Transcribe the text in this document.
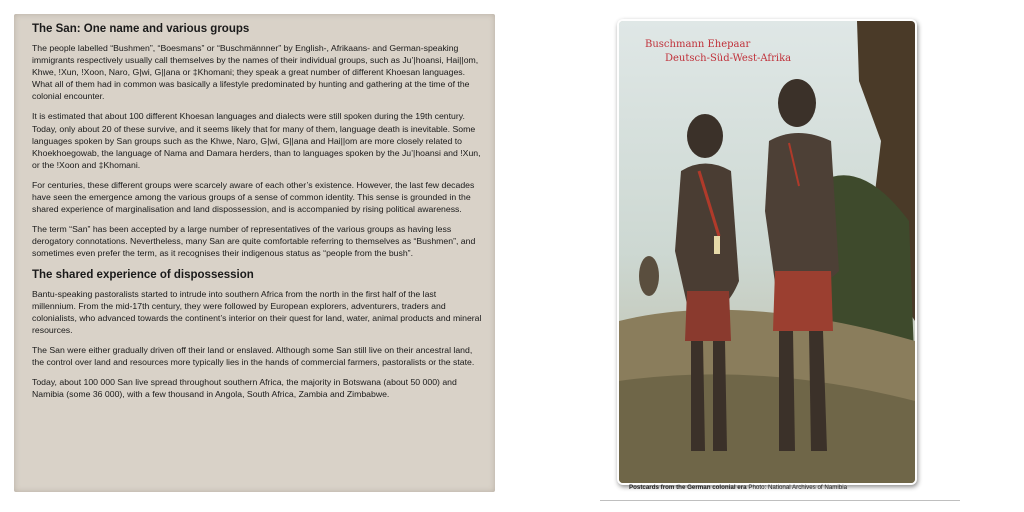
The San: One name and various groups

The people labelled “Bushmen”, “Boesmans” or “Buschmännner” by English-, Afrikaans- and German-speaking immigrants respectively usually call themselves by the names of their individual groups, such as Ju’|hoansi, Hai||om, Khwe, !Xun, !Xoon, Naro, G|wi, G||ana or ‡Khomani; they speak a great number of different Khoesan languages. What all of them had in common was basically a lifestyle predominated by hunting and gathering at the time of the colonial encounter.

It is estimated that about 100 different Khoesan languages and dialects were still spoken during the 19th century. Today, only about 20 of these survive, and it seems likely that for many of them, language death is inevitable. Some languages spoken by San groups such as the Khwe, Naro, G|wi, G||ana and Hai||om are more closely related to Khoekhoegowab, the language of Nama and Damara herders, than to languages spoken by the Ju’|hoansi and !Xun, or the !Xoon and ‡Khomani.

For centuries, these different groups were scarcely aware of each other’s existence. However, the last few decades have seen the emergence among the various groups of a sense of common identity. This sense is grounded in the shared experience of marginalisation and land dispossession, and is accompanied by rising political awareness.

The term “San” has been accepted by a large number of representatives of the various groups as having less derogatory connotations. Nevertheless, many San are quite comfortable referring to themselves as “Bushmen”, and sometimes even prefer the term, as it recognises their indigenous status as “people from the bush”.

The shared experience of dispossession

Bantu-speaking pastoralists started to intrude into southern Africa from the north in the first half of the last millennium. From the mid-17th century, they were followed by European explorers, adventurers, traders and colonialists, who advanced towards the continent’s interior on their quest for land, water, animal products and mineral resources.

The San were either gradually driven off their land or enslaved. Although some San still live on their ancestral land, the control over land and resources more typically lies in the hands of commercial farmers, pastoralists or the state.

Today, about 100 000 San live spread throughout southern Africa, the majority in Botswana (about 50 000) and Namibia (some 36 000), with a few thousand in Angola, South Africa, Zambia and Zimbabwe.

Buschmann Ehepaar
Deutsch-Süd-West-Afrika
Postcards from the German colonial era Photo: National Archives of Namibia
